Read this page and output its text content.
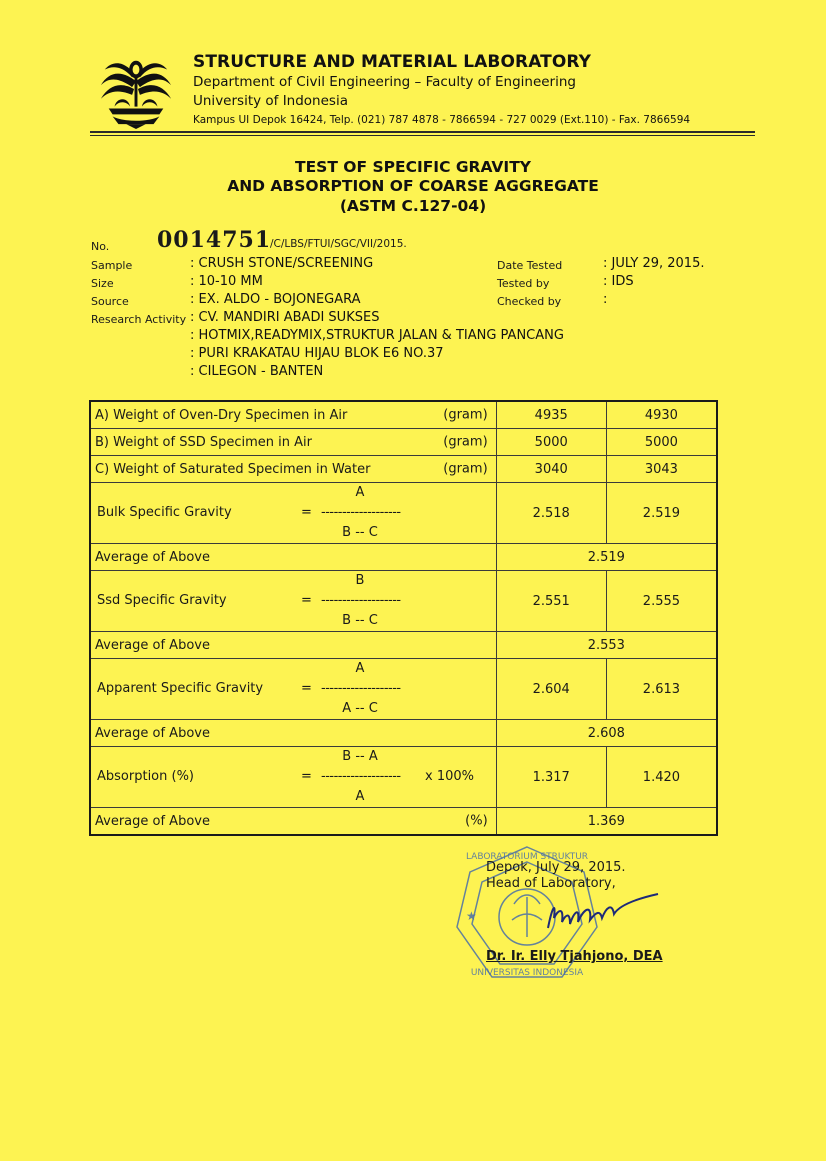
STRUCTURE AND MATERIAL LABORATORY
Department of Civil Engineering – Faculty of Engineering
University of Indonesia
Kampus UI Depok 16424, Telp. (021) 787 4878 - 7866594 - 727 0029 (Ext.110) - Fax. 7866594
TEST OF SPECIFIC GRAVITY
AND ABSORPTION OF COARSE AGGREGATE
(ASTM C.127-04)
No. 0014751
/C/LBS/FTUI/SGC/VII/2015.
Sample	: CRUSH STONE/SCREENING
Size	: 10-10 MM
Source	: EX. ALDO - BOJONEGARA
Research Activity : CV. MANDIRI ABADI SUKSES
: HOTMIX,READYMIX,STRUKTUR JALAN & TIANG PANCANG
: PURI KRAKATAU HIJAU BLOK E6 NO.37
: CILEGON - BANTEN
Date Tested	: JULY 29, 2015.
Tested by	: IDS
Checked by	:
A) Weight of Oven-Dry Specimen in Air (gram)	4935	4930
B) Weight of SSD Specimen in Air (gram)	5000	5000
C) Weight of Saturated Specimen in Water (gram)	3040	3043

Bulk Specific Gravity =
A
-------------------
B -- C	2.518	2.519
Average of Above	2.519	

Ssd Specific Gravity =
B
-------------------
B -- C	2.551	2.555
Average of Above	2.553	

Apparent Specific Gravity =
A
-------------------
A -- C	2.604	2.613
Average of Above	2.608	

Absorption (%)	=
B -- A
-------------------
A
x 100%	1.317	1.420
Average of Above (%)	1.369	
LABORATORIUM STRUKTUR
UNIVERSITAS INDONESIA
★
Depok, July 29, 2015.
Head of Laboratory,
Dr. Ir. Elly Tjahjono, DEA
